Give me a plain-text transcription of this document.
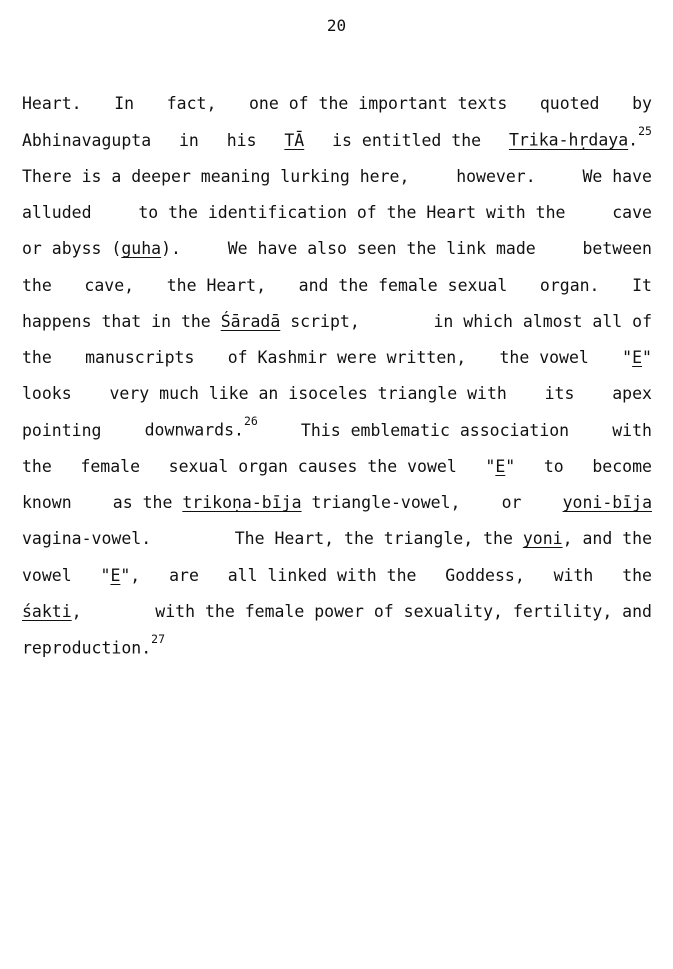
20
Heart. In fact, one of the important texts quoted by
Abhinavagupta in his TĀ is entitled the Trika-hṛdaya.$^{25}$
There is a deeper meaning lurking here,	however.	We have
alluded	to the identification of the Heart with the	cave
or abyss (guha).	We have also seen the link made	between
the cave, the Heart, and the female sexual organ. It
happens that in the Śāradā script,	in which almost all of
the manuscripts of Kashmir were written, the vowel "E"
looks very much like an isoceles triangle with its apex
pointing	downwards.$^{26}$	This emblematic association	with
the female sexual organ causes the vowel "E" to become
known as the trikoṇa-bīja triangle-vowel, or yoni-bīja
vagina-vowel.	The Heart, the triangle, the yoni, and the
vowel "E", are all linked with the Goddess, with the
śakti,	with the female power of sexuality, fertility, and
reproduction.$^{27}$
